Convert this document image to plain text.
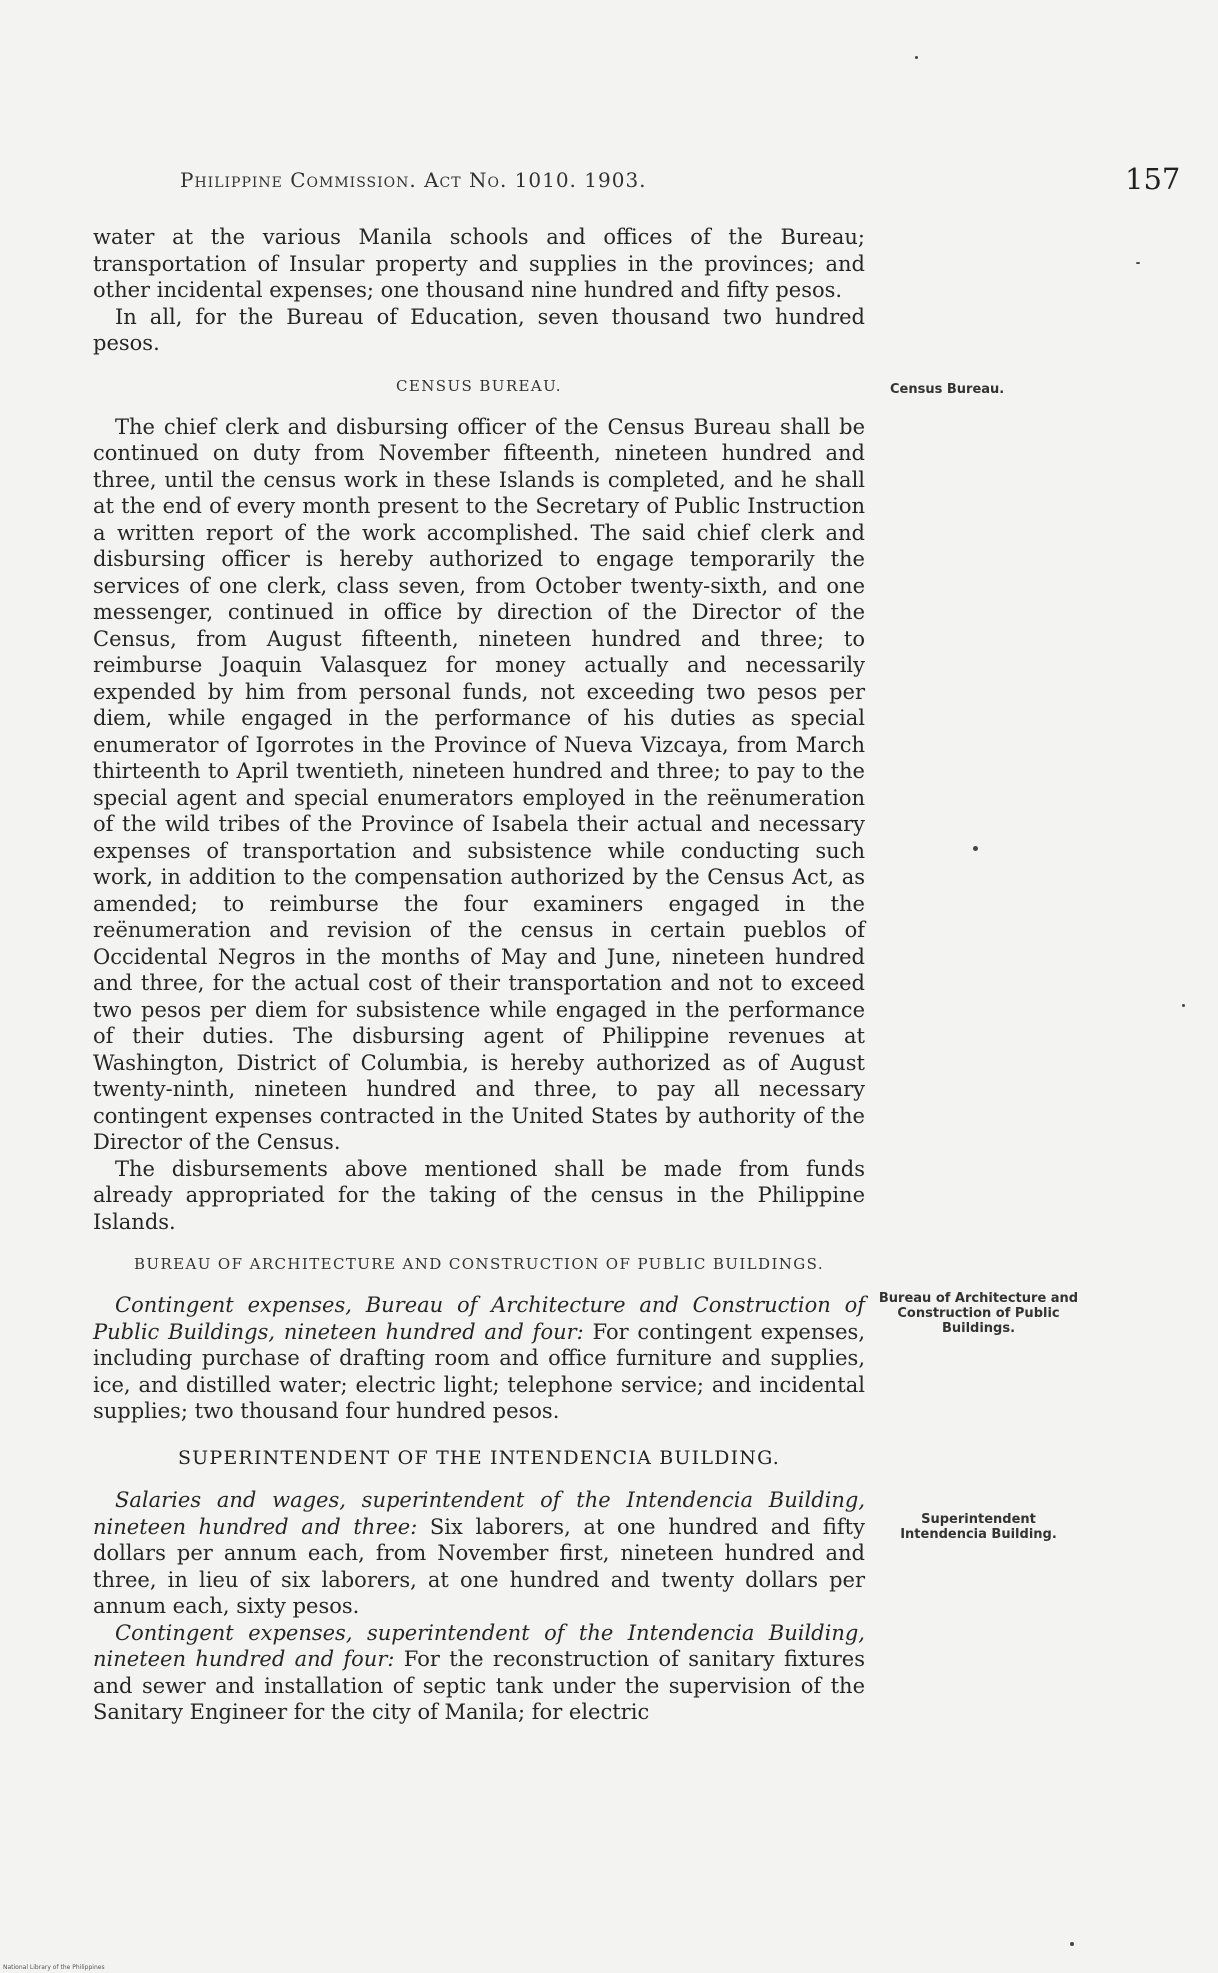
Philippine Commission. Act No. 1010. 1903.	157

water at the various Manila schools and offices of the Bureau; transportation of Insular property and supplies in the provinces; and other incidental expenses; one thousand nine hundred and fifty pesos.

In all, for the Bureau of Education, seven thousand two hundred pesos.

CENSUS BUREAU.

The chief clerk and disbursing officer of the Census Bureau shall be continued on duty from November fifteenth, nineteen hundred and three, until the census work in these Islands is completed, and he shall at the end of every month present to the Secretary of Public Instruction a written report of the work accomplished. The said chief clerk and disbursing officer is hereby authorized to engage temporarily the services of one clerk, class seven, from October twenty-sixth, and one messenger, continued in office by direction of the Director of the Census, from August fifteenth, nineteen hundred and three; to reimburse Joaquin Valasquez for money actually and necessarily expended by him from personal funds, not exceeding two pesos per diem, while engaged in the performance of his duties as special enumerator of Igorrotes in the Province of Nueva Vizcaya, from March thirteenth to April twentieth, nineteen hundred and three; to pay to the special agent and special enumerators employed in the reënumeration of the wild tribes of the Province of Isabela their actual and necessary expenses of transportation and subsistence while conducting such work, in addition to the compensation authorized by the Census Act, as amended; to reimburse the four examiners engaged in the reënumeration and revision of the census in certain pueblos of Occidental Negros in the months of May and June, nineteen hundred and three, for the actual cost of their transportation and not to exceed two pesos per diem for subsistence while engaged in the performance of their duties. The disbursing agent of Philippine revenues at Washington, District of Columbia, is hereby authorized as of August twenty-ninth, nineteen hundred and three, to pay all necessary contingent expenses contracted in the United States by authority of the Director of the Census.

The disbursements above mentioned shall be made from funds already appropriated for the taking of the census in the Philippine Islands.

BUREAU OF ARCHITECTURE AND CONSTRUCTION OF PUBLIC BUILDINGS.

Contingent expenses, Bureau of Architecture and Construction of Public Buildings, nineteen hundred and four: For contingent expenses, including purchase of drafting room and office furniture and supplies, ice, and distilled water; electric light; telephone service; and incidental supplies; two thousand four hundred pesos.

SUPERINTENDENT OF THE INTENDENCIA BUILDING.

Salaries and wages, superintendent of the Intendencia Building, nineteen hundred and three: Six laborers, at one hundred and fifty dollars per annum each, from November first, nineteen hundred and three, in lieu of six laborers, at one hundred and twenty dollars per annum each, sixty pesos.

Contingent expenses, superintendent of the Intendencia Building, nineteen hundred and four: For the reconstruction of sanitary fixtures and sewer and installation of septic tank under the supervision of the Sanitary Engineer for the city of Manila; for electric

Census Bureau.
Bureau of Architecture and Construction of Public Buildings.
Superintendent Intendencia Building.
National Library of the Philippines
